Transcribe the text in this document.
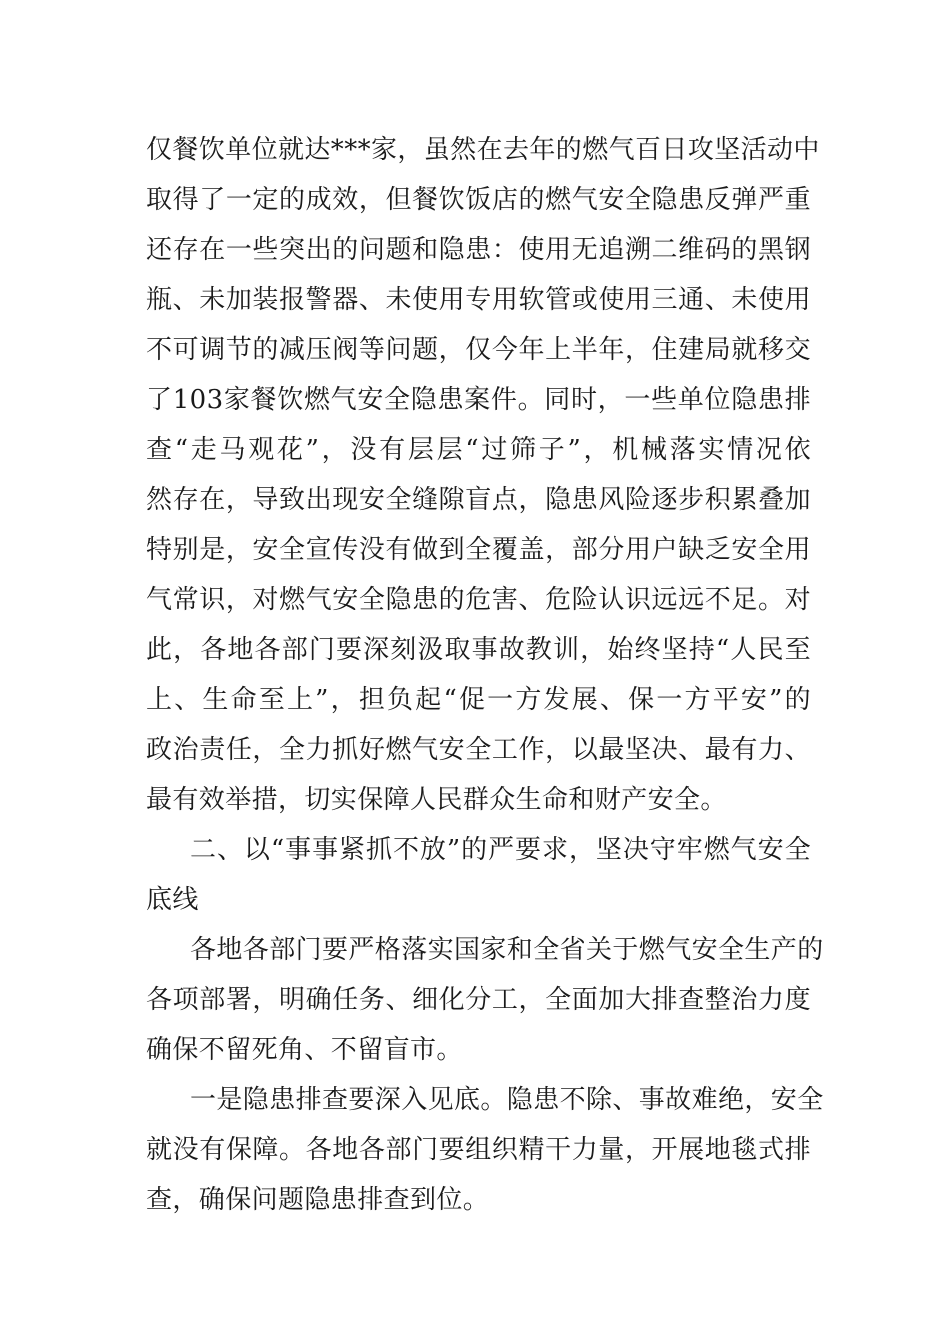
仅餐饮单位就达***家，虽然在去年的燃气百日攻坚活动中
取得了一定的成效，但餐饮饭店的燃气安全隐患反弹严重
还存在一些突出的问题和隐患：使用无追溯二维码的黑钢
瓶、未加装报警器、未使用专用软管或使用三通、未使用
不可调节的减压阀等问题，仅今年上半年，住建局就移交
了103家餐饮燃气安全隐患案件。同时，一些单位隐患排
查“走马观花”，没有层层“过筛子”，机械落实情况依
然存在，导致出现安全缝隙盲点，隐患风险逐步积累叠加
特别是，安全宣传没有做到全覆盖，部分用户缺乏安全用
气常识，对燃气安全隐患的危害、危险认识远远不足。对
此，各地各部门要深刻汲取事故教训，始终坚持“人民至
上、生命至上”，担负起“促一方发展、保一方平安”的
政治责任，全力抓好燃气安全工作，以最坚决、最有力、
最有效举措，切实保障人民群众生命和财产安全。
二、以“事事紧抓不放”的严要求，坚决守牢燃气安全
底线
各地各部门要严格落实国家和全省关于燃气安全生产的
各项部署，明确任务、细化分工，全面加大排查整治力度
确保不留死角、不留盲市。
一是隐患排查要深入见底。隐患不除、事故难绝，安全
就没有保障。各地各部门要组织精干力量，开展地毯式排
查，确保问题隐患排查到位。
